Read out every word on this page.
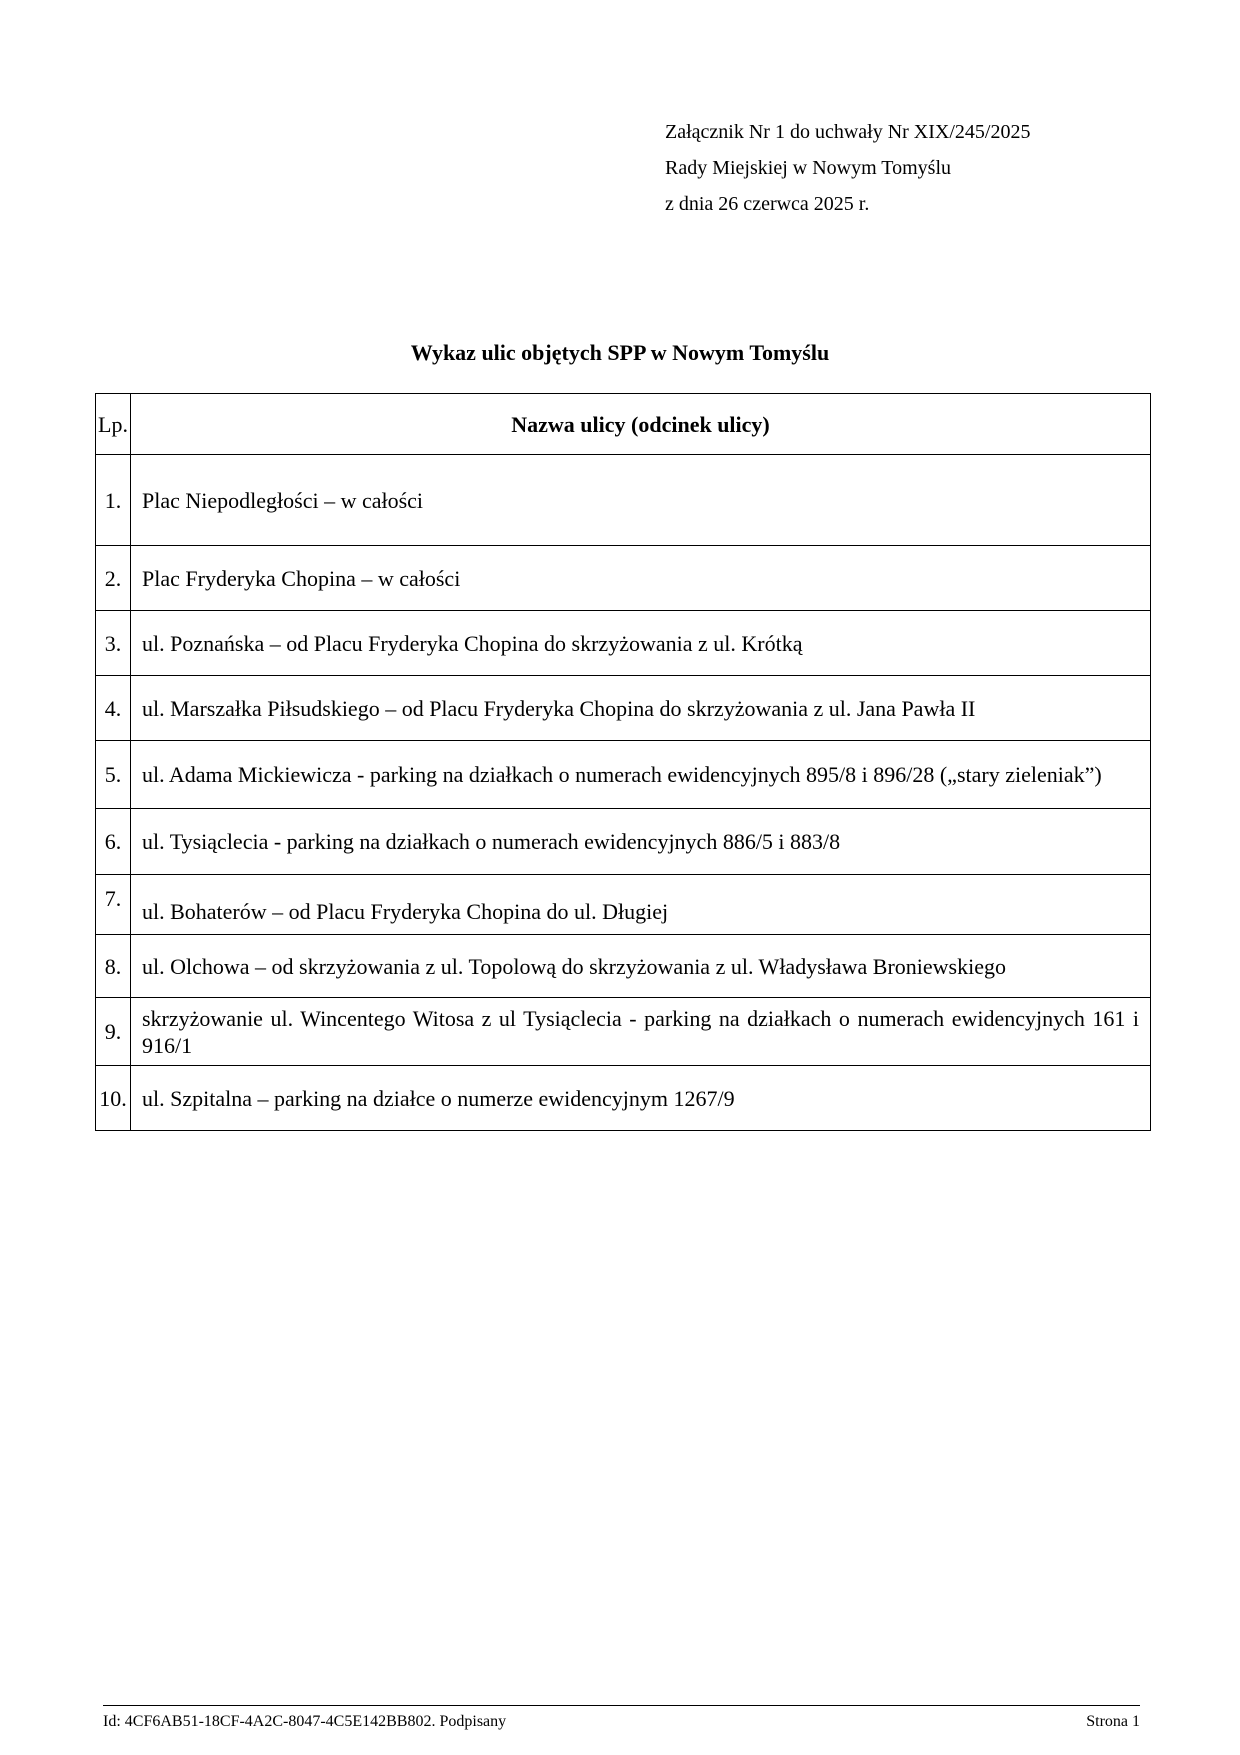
Załącznik Nr 1 do uchwały Nr XIX/245/2025
Rady Miejskiej w Nowym Tomyślu
z dnia 26 czerwca 2025 r.
Wykaz ulic objętych SPP w Nowym Tomyślu
Lp.	Nazwa ulicy (odcinek ulicy)
1.	Plac Niepodległości – w całości
2.	Plac Fryderyka Chopina – w całości
3.	ul. Poznańska – od Placu Fryderyka Chopina do skrzyżowania z ul. Krótką
4.	ul. Marszałka Piłsudskiego – od Placu Fryderyka Chopina do skrzyżowania z ul. Jana Pawła II
5.	ul. Adama Mickiewicza - parking na działkach o numerach ewidencyjnych 895/8 i 896/28 („stary zieleniak”)
6.	ul. Tysiąclecia - parking na działkach o numerach ewidencyjnych 886/5 i 883/8
7.	ul. Bohaterów – od Placu Fryderyka Chopina do ul. Długiej
8.	ul. Olchowa – od skrzyżowania z ul. Topolową do skrzyżowania z ul. Władysława Broniewskiego
9.	skrzyżowanie ul. Wincentego Witosa z ul Tysiąclecia - parking na działkach o numerach ewidencyjnych 161 i 916/1
10.	ul. Szpitalna – parking na działce o numerze ewidencyjnym 1267/9
Id: 4CF6AB51-18CF-4A2C-8047-4C5E142BB802. Podpisany	Strona 1
